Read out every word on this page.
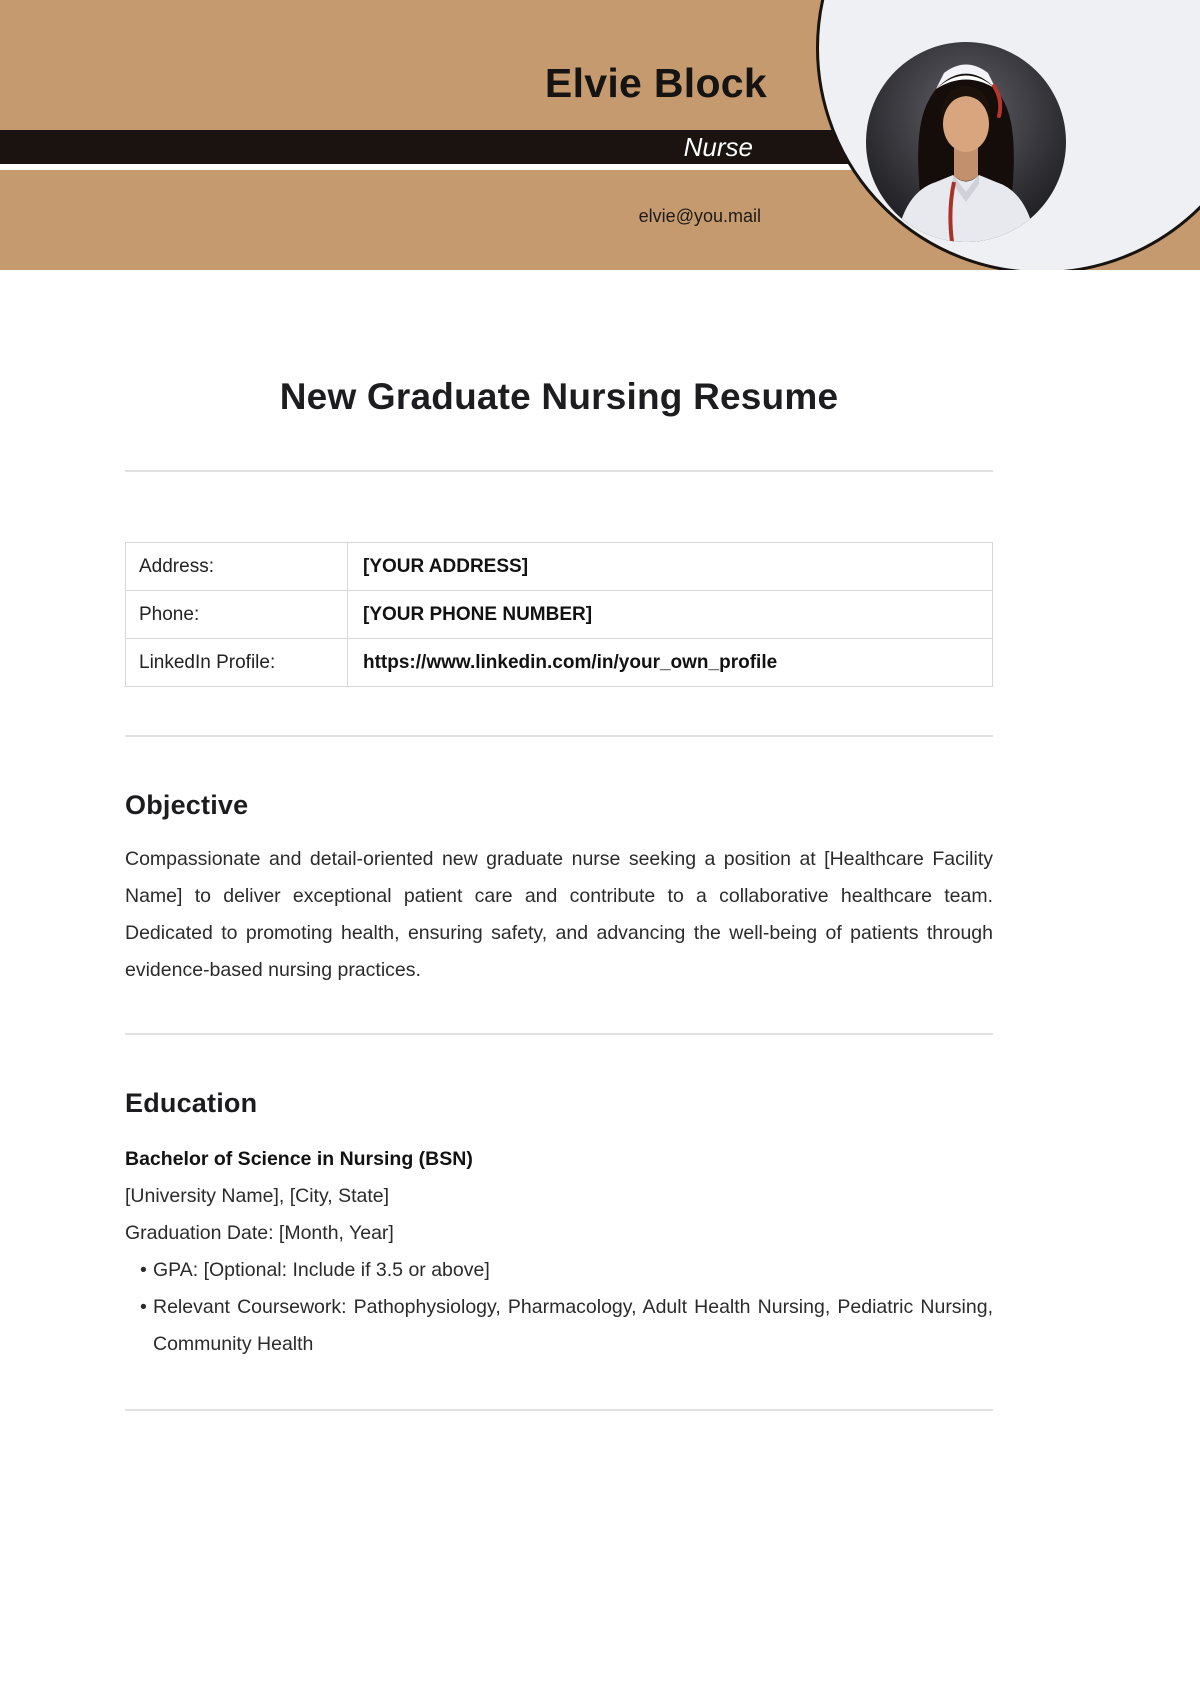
Elvie Block
Nurse
elvie@you.mail
New Graduate Nursing Resume
Address:	[YOUR ADDRESS]
Phone:	[YOUR PHONE NUMBER]
LinkedIn Profile:	https://www.linkedin.com/in/your_own_profile
Objective

Compassionate and detail-oriented new graduate nurse seeking a position at [Healthcare Facility Name] to deliver exceptional patient care and contribute to a collaborative healthcare team. Dedicated to promoting health, ensuring safety, and advancing the well-being of patients through evidence-based nursing practices.

Education

Bachelor of Science in Nursing (BSN)

[University Name], [City, State]

Graduation Date: [Month, Year]

• GPA: [Optional: Include if 3.5 or above]
• Relevant Coursework: Pathophysiology, Pharmacology, Adult Health Nursing, Pediatric Nursing, Community Health
